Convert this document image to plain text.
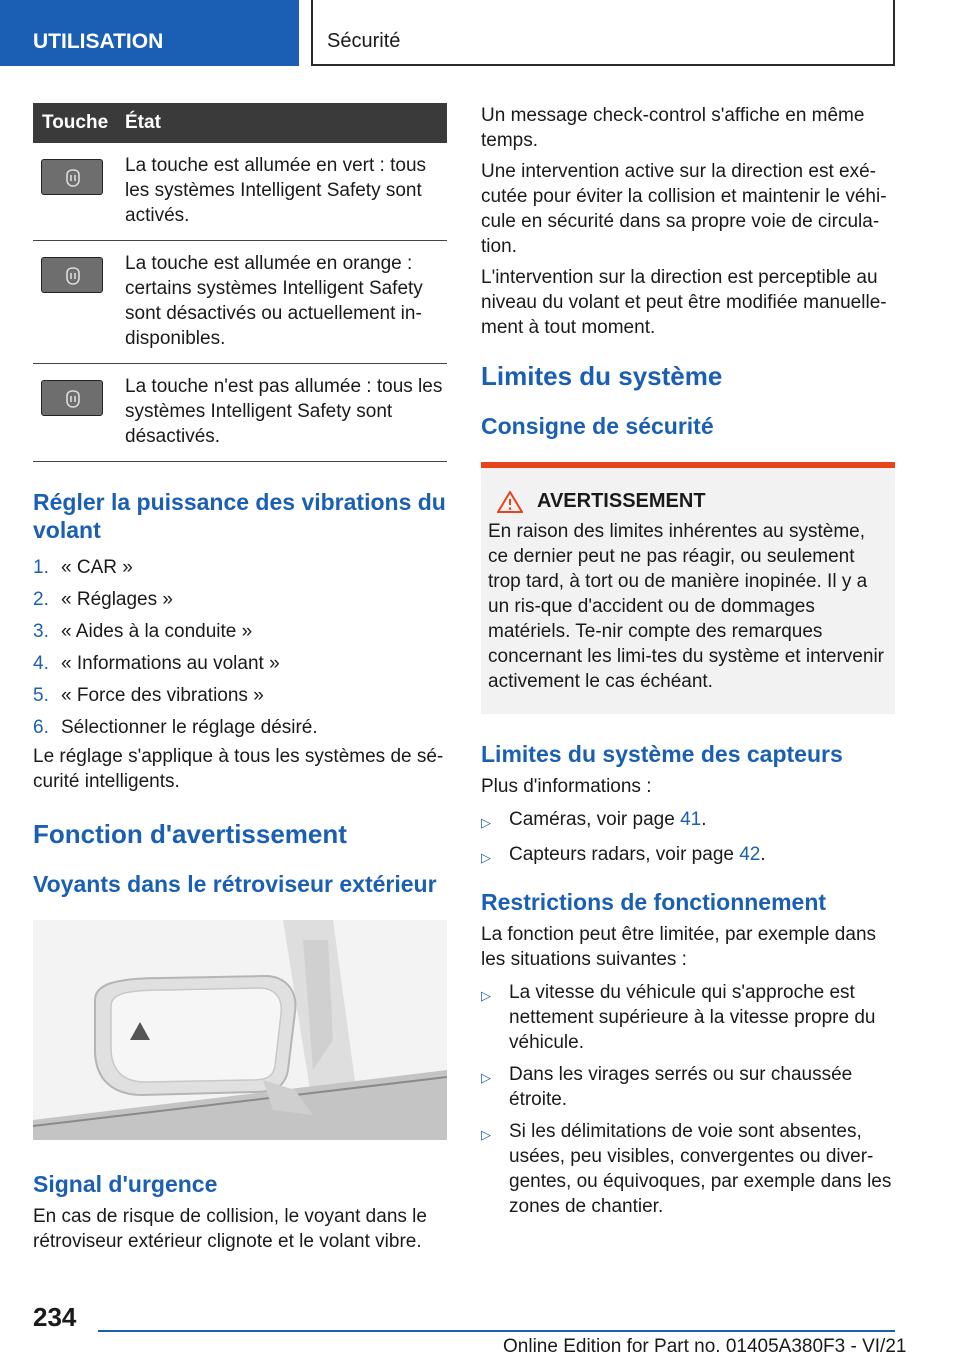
UTILISATION	Sécurité
Touche État
La touche est allumée en vert : tous les systèmes Intelligent Safety sont activés.
La touche est allumée en orange : certains systèmes Intelligent Safety sont désactivés ou actuellement in-disponibles.
La touche n'est pas allumée : tous les systèmes Intelligent Safety sont désactivés.
Régler la puissance des vibrations du volant
1. « CAR »
2. « Réglages »
3. « Aides à la conduite »
4. « Informations au volant »
5. « Force des vibrations »
6. Sélectionner le réglage désiré.
Le réglage s'applique à tous les systèmes de sé-curité intelligents.
Fonction d'avertissement
Voyants dans le rétroviseur extérieur
Signal d'urgence
En cas de risque de collision, le voyant dans le rétroviseur extérieur clignote et le volant vibre.
Un message check-control s'affiche en même temps.
Une intervention active sur la direction est exé-cutée pour éviter la collision et maintenir le véhi-cule en sécurité dans sa propre voie de circula-tion.
L'intervention sur la direction est perceptible au niveau du volant et peut être modifiée manuelle-ment à tout moment.
Limites du système
Consigne de sécurité
AVERTISSEMENT
En raison des limites inhérentes au système, ce dernier peut ne pas réagir, ou seulement trop tard, à tort ou de manière inopinée. Il y a un ris-que d'accident ou de dommages matériels. Te-nir compte des remarques concernant les limi-tes du système et intervenir activement le cas échéant.
Limites du système des capteurs
Plus d'informations :
▷ Caméras, voir page 41.
▷ Capteurs radars, voir page 42.
Restrictions de fonctionnement
La fonction peut être limitée, par exemple dans les situations suivantes :
▷ La vitesse du véhicule qui s'approche est nettement supérieure à la vitesse propre du véhicule.
▷ Dans les virages serrés ou sur chaussée étroite.
▷ Si les délimitations de voie sont absentes, usées, peu visibles, convergentes ou diver-gentes, ou équivoques, par exemple dans les zones de chantier.
234
Online Edition for Part no. 01405A380F3 - VI/21
